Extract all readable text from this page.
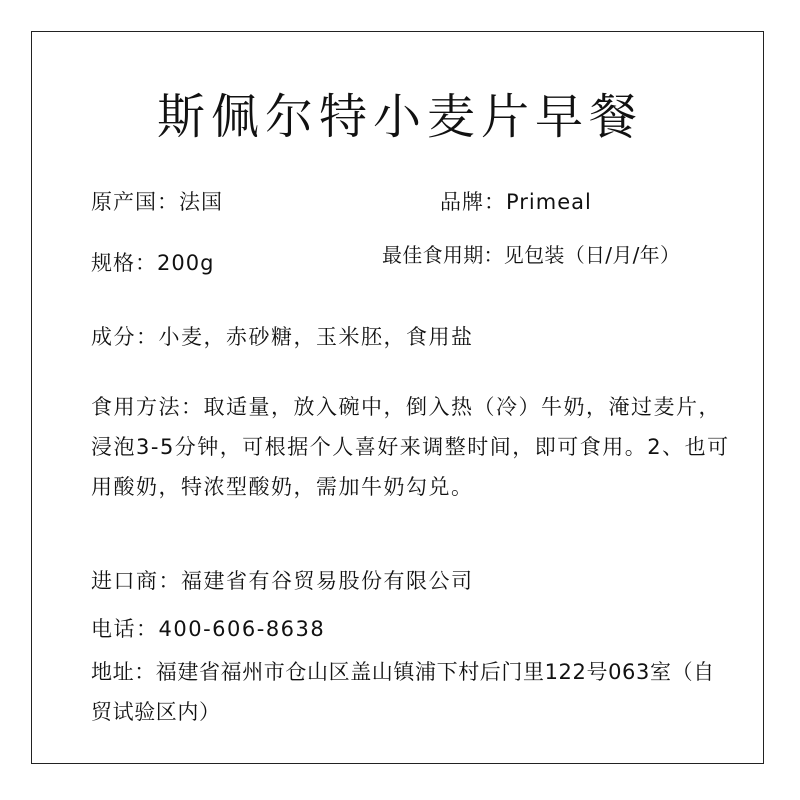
斯佩尔特小麦片早餐
原产国：法国	品牌：Primeal
规格：200g	最佳食用期：见包装（日/月/年）
成分：小麦，赤砂糖，玉米胚，食用盐

食用方法：取适量，放入碗中，倒入热（冷）牛奶，淹过麦片，浸泡3-5分钟，可根据个人喜好来调整时间，即可食用。2、也可用酸奶，特浓型酸奶，需加牛奶勾兑。

进口商：福建省有谷贸易股份有限公司
电话：400-606-8638

地址：福建省福州市仓山区盖山镇浦下村后门里122号063室（自贸试验区内）
